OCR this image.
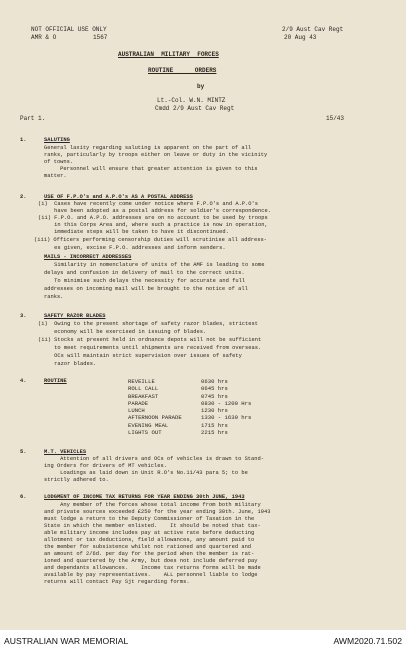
NOT OFFICIAL USE ONLY
AMR & O	1567
2/9 Aust Cav Regt
20 Aug 43
AUSTRALIAN  MILITARY  FORCES
ROUTINE      ORDERS
by
Lt.-Col. W.N. MINTZ
Cmdd 2/9 Aust Cav Regt
Part 1.	15/43
1.	SALUTING
General laxity regarding saluting is apparent on the part of all
ranks, particularly by troops either on leave or duty in the vicinity
of towns.
Personnel will ensure that greater attention is given to this
matter.
2.	USE OF F.P.O's and A.P.O's AS A POSTAL ADDRESS
(i)  Cases have recently come under notice where F.P.O's and A.P.O's
have been adopted as a postal address for soldier's correspondence.
(ii) F.P.O. and A.P.O. addresses are on no account to be used by troops
in this Corps Area and, where such a practice is now in operation,
immediate steps will be taken to have it discontinued.
(iii) Officers performing censorship duties will scrutinise all address-
es given, excise F.P.O. addresses and inform senders.
MAILS - INCORRECT ADDRESSES
Similarity in nomenclature of units of the AMF is leading to some
delays and confusion in delivery of mail to the correct units.
To minimise such delays the necessity for accurate and full
addresses on incoming mail will be brought to the notice of all
ranks.
3.	SAFETY RAZOR BLADES
(i)  Owing to the present shortage of safety razor blades, strictest
economy will be exercised in issuing of blades.
(ii) Stocks at present held in ordnance depots will not be sufficient
to meet requirements until shipments are received from overseas.
OCs will maintain strict supervision over issues of safety
razor blades.
4.	ROUTINE	REVEILLE	0630 hrs
ROLL CALL	0645 hrs
BREAKFAST	0745 hrs
PARADE	0830 - 1200 Hrs
LUNCH	1230 hrs
AFTERNOON PARADE	1330 - 1630 hrs
EVENING MEAL	1715 hrs
LIGHTS OUT	2215 hrs
5.	M.T. VEHICLES
Attention of all drivers and OCs of vehicles is drawn to Stand-
ing Orders for drivers of MT vehicles.
Loadings as laid down in Unit R.O's No.11/43 para 5; to be
strictly adhered to.
6.	LODGMENT OF INCOME TAX RETURNS FOR YEAR ENDING 30th JUNE, 1943
Any member of the forces whose total income from both military
and private sources exceeded £250 for the year ending 30th. June, 1943
must lodge a return to the Deputy Commissioner of Taxation in the
State in which the member enlisted.    It should be noted that tax-
able military income includes pay at active rate before deducting
allotment or tax deductions, field allowances, any amount paid to
the member for subsistence whilst not rationed and quartered and
an amount of 2/6d. per day for the period when the member is rat-
ioned and quartered by the Army, but does not include deferred pay
and dependants allowances.    Income tax returns forms will be made
available by pay representatives.    ALL personnel liable to lodge
returns will contact Pay Sjt regarding forms.
AUSTRALIAN WAR MEMORIAL	AWM2020.71.502
